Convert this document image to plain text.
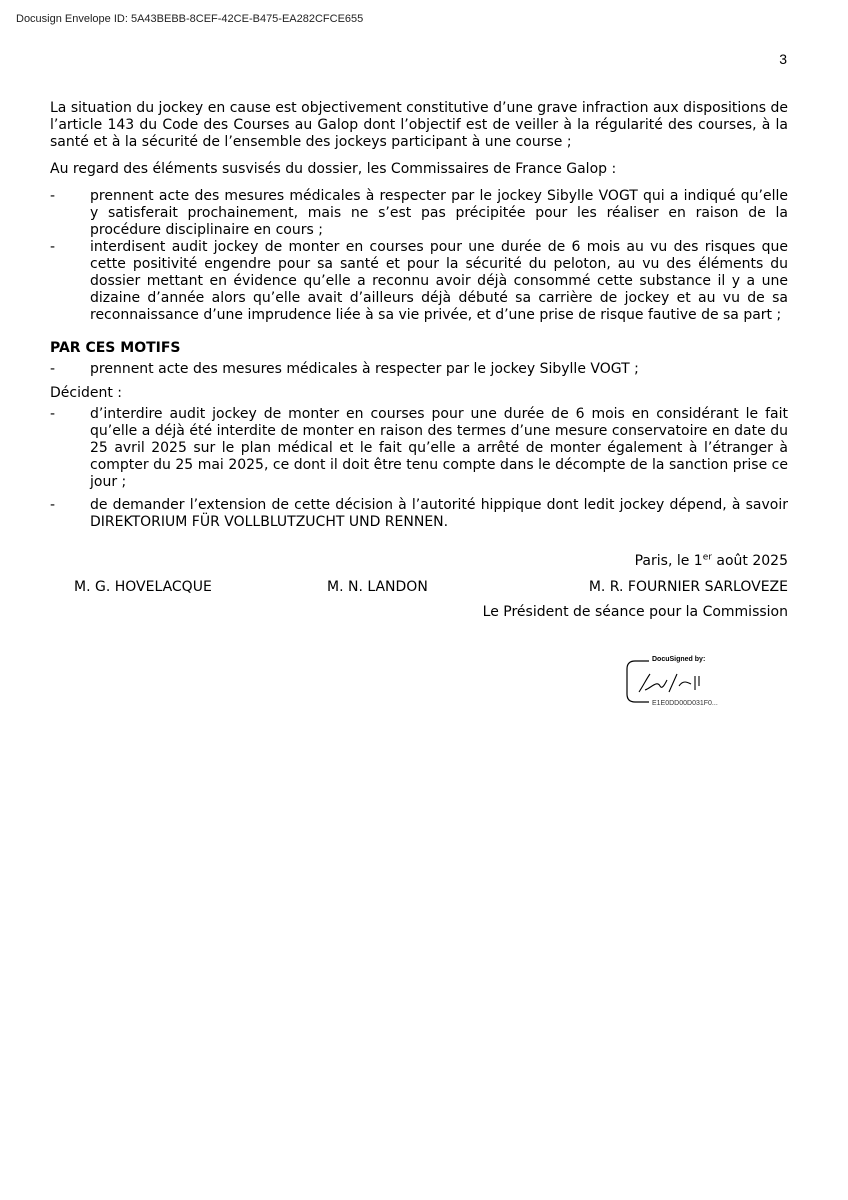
Docusign Envelope ID: 5A43BEBB-8CEF-42CE-B475-EA282CFCE655
3

La situation du jockey en cause est objectivement constitutive d’une grave infraction aux dispositions de l’article 143 du Code des Courses au Galop dont l’objectif est de veiller à la régularité des courses, à la santé et à la sécurité de l’ensemble des jockeys participant à une course ;

Au regard des éléments susvisés du dossier, les Commissaires de France Galop :

- prennent acte des mesures médicales à respecter par le jockey Sibylle VOGT qui a indiqué qu’elle y satisferait prochainement, mais ne s’est pas précipitée pour les réaliser en raison de la procédure disciplinaire en cours ;
- interdisent audit jockey de monter en courses pour une durée de 6 mois au vu des risques que cette positivité engendre pour sa santé et pour la sécurité du peloton, au vu des éléments du dossier mettant en évidence qu’elle a reconnu avoir déjà consommé cette substance il y a une dizaine d’année alors qu’elle avait d’ailleurs déjà débuté sa carrière de jockey et au vu de sa reconnaissance d’une imprudence liée à sa vie privée, et d’une prise de risque fautive de sa part ;
PAR CES MOTIFS
- prennent acte des mesures médicales à respecter par le jockey Sibylle VOGT ;

Décident :

- d’interdire audit jockey de monter en courses pour une durée de 6 mois en considérant le fait qu’elle a déjà été interdite de monter en raison des termes d’une mesure conservatoire en date du 25 avril 2025 sur le plan médical et le fait qu’elle a arrêté de monter également à l’étranger à compter du 25 mai 2025, ce dont il doit être tenu compte dans le décompte de la sanction prise ce jour ;
- de demander l’extension de cette décision à l’autorité hippique dont ledit jockey dépend, à savoir DIREKTORIUM FÜR VOLLBLUTZUCHT UND RENNEN.
Paris, le 1er août 2025
M. G. HOVELACQUE	M. N. LANDON	M. R. FOURNIER SARLOVEZE
Le Président de séance pour la Commission
DocuSigned by:
E1E0DD00D031F0...
